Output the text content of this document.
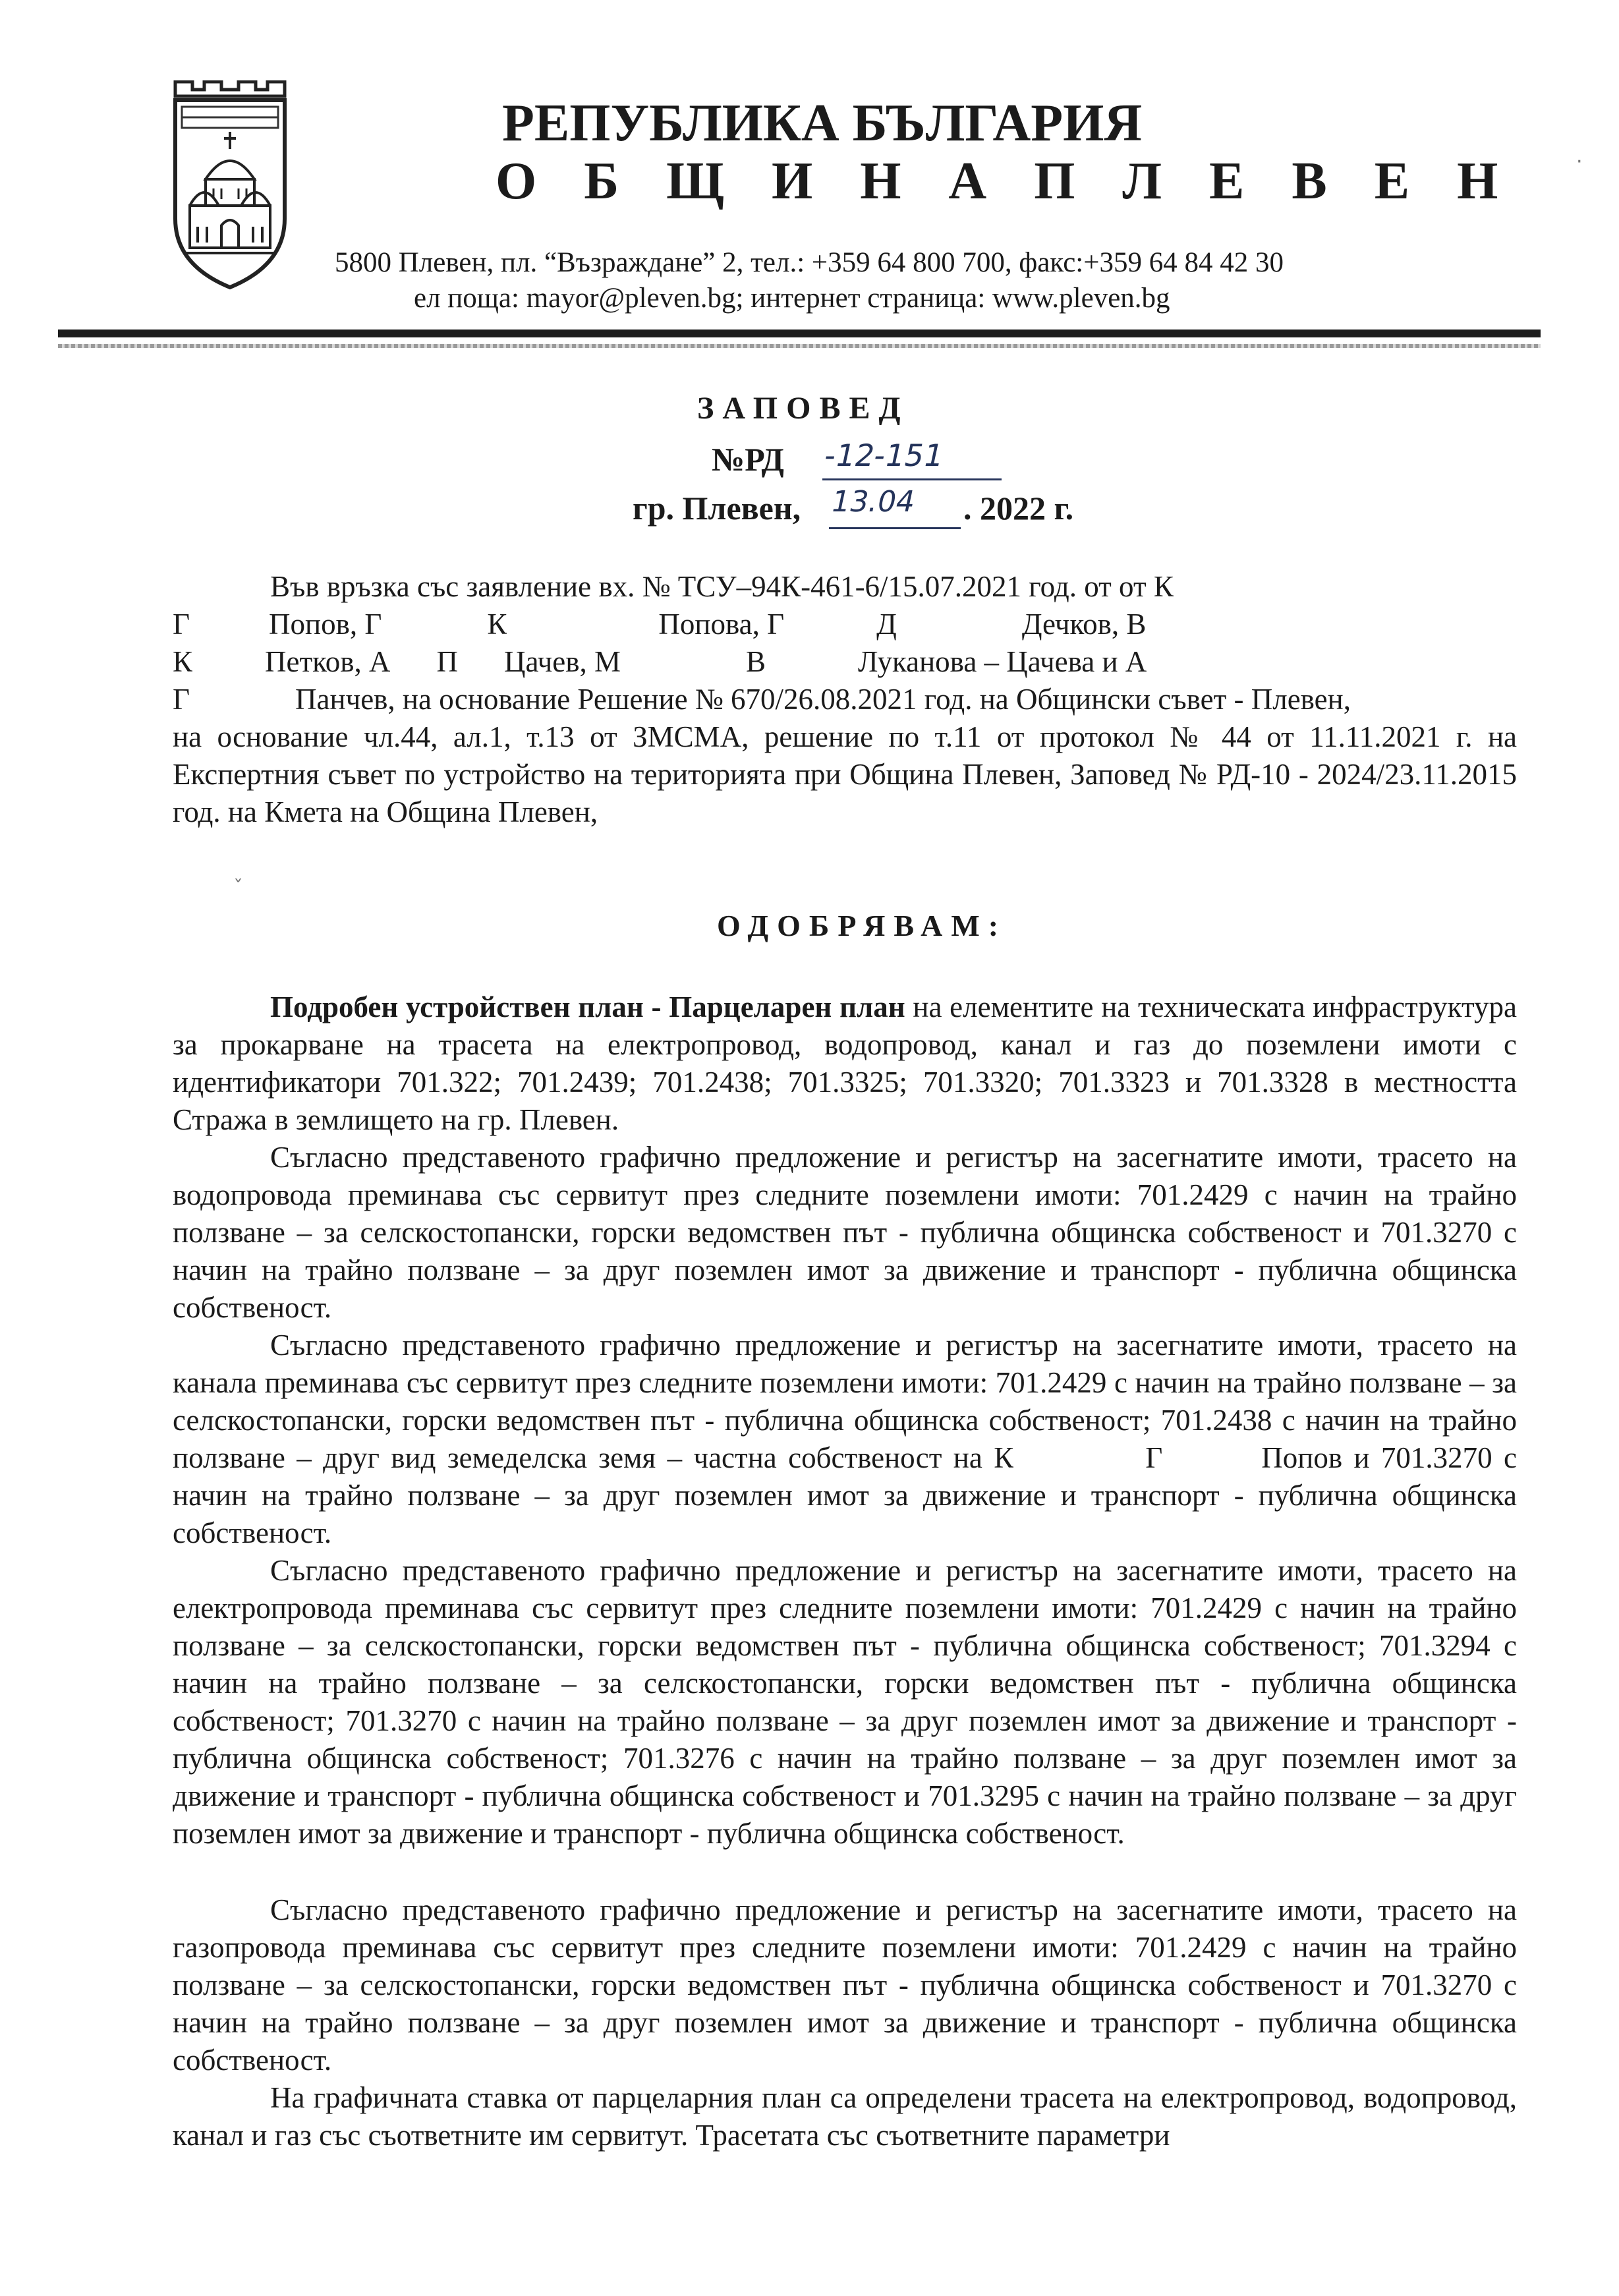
РЕПУБЛИКА БЪЛГАРИЯ
О Б Щ И Н А П Л Е В Е Н
5800 Плевен, пл. “Възраждане” 2, тел.: +359 64 800 700, факс:+359 64 84 42 30
ел поща: mayor@pleven.bg; интернет страница: www.pleven.bg
·
ˇ
ЗАПОВЕД
№РД -12-151
гр. Плевен, 13.04 . 2022 г.
Във връзка със заявление вх. № ТСУ–94К-461-6/15.07.2021 год. от от К
Г	Попов, Г	К	Попова, Г	Д	Дечков, В
К Петков, А П Цачев, М	В	Луканова – Цачева и А
Г	Панчев, на основание Решение № 670/26.08.2021 год. на Общински съвет - Плевен,
на основание чл.44, ал.1, т.13 от ЗМСМА, решение по т.11 от протокол № 44 от 11.11.2021 г. на Експертния съвет по устройство на територията при Община Плевен, Заповед № РД-10 - 2024/23.11.2015 год. на Кмета на Община Плевен,
ОДОБРЯВАМ:
Подробен устройствен план - Парцеларен план на елементите на техническата инфраструктура за прокарване на трасета на електропровод, водопровод, канал и газ до поземлени имоти с идентификатори 701.322; 701.2439; 701.2438; 701.3325; 701.3320; 701.3323 и 701.3328 в местността Стража в землището на гр. Плевен.
Съгласно представеното графично предложение и регистър на засегнатите имоти, трасето на водопровода преминава със сервитут през следните поземлени имоти: 701.2429 с начин на трайно ползване – за селскостопански, горски ведомствен път - публична общинска собственост и 701.3270 с начин на трайно ползване – за друг поземлен имот за движение и транспорт - публична общинска собственост.
Съгласно представеното графично предложение и регистър на засегнатите имоти, трасето на канала преминава със сервитут през следните поземлени имоти: 701.2429 с начин на трайно ползване – за селскостопански, горски ведомствен път - публична общинска собственост; 701.2438 с начин на трайно ползване – друг вид земеделска земя – частна собственост на К	Г	Попов и 701.3270 с начин на трайно ползване – за друг поземлен имот за движение и транспорт - публична общинска собственост.
Съгласно представеното графично предложение и регистър на засегнатите имоти, трасето на електропровода преминава със сервитут през следните поземлени имоти: 701.2429 с начин на трайно ползване – за селскостопански, горски ведомствен път - публична общинска собственост; 701.3294 с начин на трайно ползване – за селскостопански, горски ведомствен път - публична общинска собственост; 701.3270 с начин на трайно ползване – за друг поземлен имот за движение и транспорт - публична общинска собственост; 701.3276 с начин на трайно ползване – за друг поземлен имот за движение и транспорт - публична общинска собственост и 701.3295 с начин на трайно ползване – за друг поземлен имот за движение и транспорт - публична общинска собственост.
Съгласно представеното графично предложение и регистър на засегнатите имоти, трасето на газопровода преминава със сервитут през следните поземлени имоти: 701.2429 с начин на трайно ползване – за селскостопански, горски ведомствен път - публична общинска собственост и 701.3270 с начин на трайно ползване – за друг поземлен имот за движение и транспорт - публична общинска собственост.
На графичната ставка от парцеларния план са определени трасета на електропровод, водопровод, канал и газ със съответните им сервитут. Трасетата със съответните параметри
